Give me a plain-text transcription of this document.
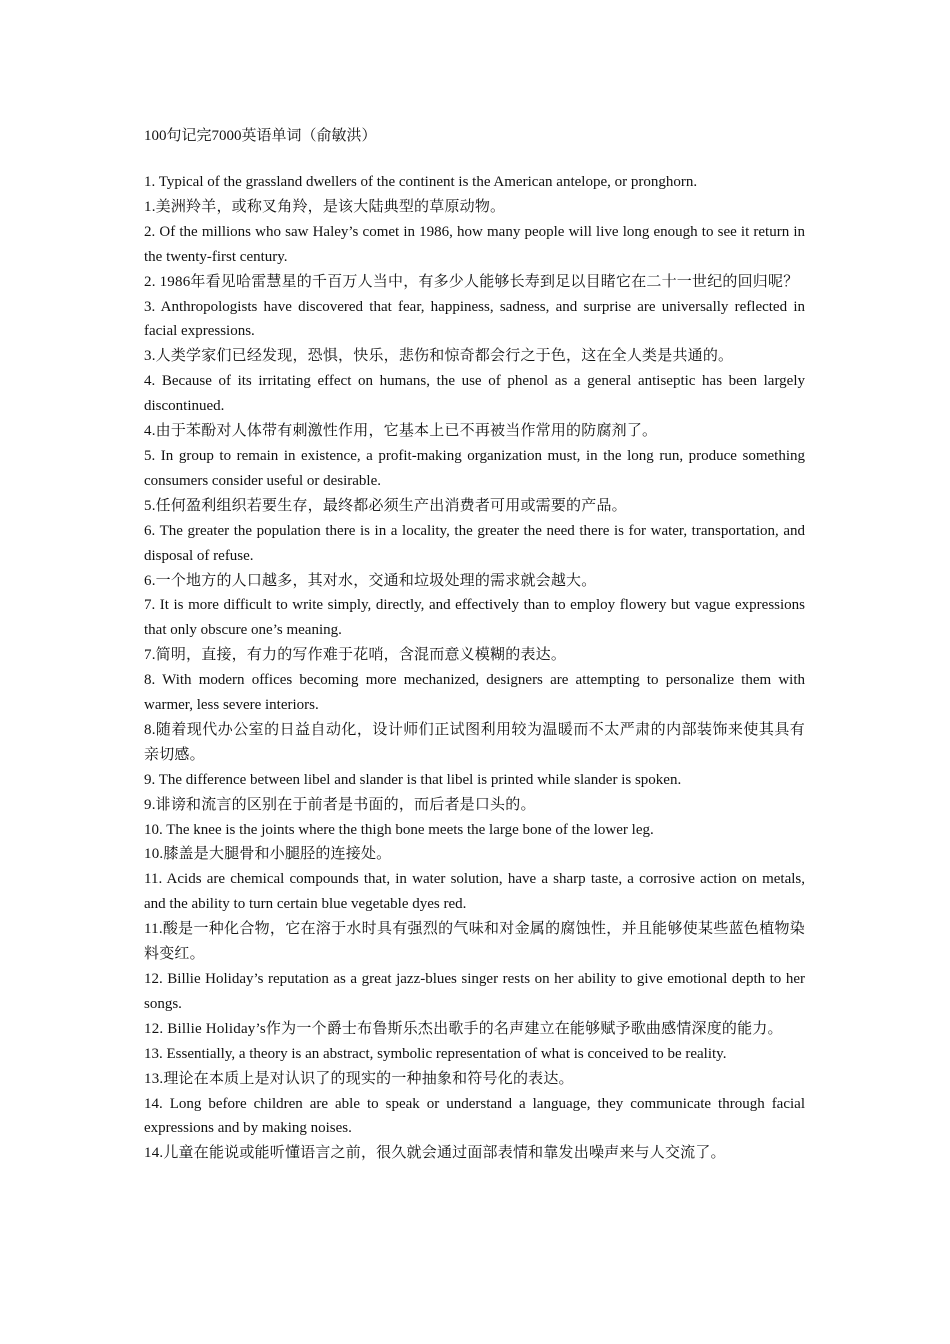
100句记完7000英语单词（俞敏洪）

1. Typical of the grassland dwellers of the continent is the American antelope, or pronghorn.

1.美洲羚羊，或称叉角羚，是该大陆典型的草原动物。

2. Of the millions who saw Haley’s comet in 1986, how many people will live long enough to see it return in the twenty-first century.

2. 1986年看见哈雷慧星的千百万人当中，有多少人能够长寿到足以目睹它在二十一世纪的回归呢？

3. Anthropologists have discovered that fear, happiness, sadness, and surprise are universally reflected in facial expressions.

3.人类学家们已经发现，恐惧，快乐，悲伤和惊奇都会行之于色，这在全人类是共通的。

4. Because of its irritating effect on humans, the use of phenol as a general antiseptic has been largely discontinued.

4.由于苯酚对人体带有刺激性作用，它基本上已不再被当作常用的防腐剂了。

5. In group to remain in existence, a profit-making organization must, in the long run, produce something consumers consider useful or desirable.

5.任何盈利组织若要生存，最终都必须生产出消费者可用或需要的产品。

6. The greater the population there is in a locality, the greater the need there is for water, transportation, and disposal of refuse.

6.一个地方的人口越多，其对水，交通和垃圾处理的需求就会越大。

7. It is more difficult to write simply, directly, and effectively than to employ flowery but vague expressions that only obscure one’s meaning.

7.简明，直接，有力的写作难于花哨，含混而意义模糊的表达。

8. With modern offices becoming more mechanized, designers are attempting to personalize them with warmer, less severe interiors.

8.随着现代办公室的日益自动化，设计师们正试图利用较为温暖而不太严肃的内部装饰来使其具有亲切感。

9. The difference between libel and slander is that libel is printed while slander is spoken.

9.诽谤和流言的区别在于前者是书面的，而后者是口头的。

10. The knee is the joints where the thigh bone meets the large bone of the lower leg.

10.膝盖是大腿骨和小腿胫的连接处。

11. Acids are chemical compounds that, in water solution, have a sharp taste, a corrosive action on metals, and the ability to turn certain blue vegetable dyes red.

11.酸是一种化合物，它在溶于水时具有强烈的气味和对金属的腐蚀性，并且能够使某些蓝色植物染料变红。

12. Billie Holiday’s reputation as a great jazz-blues singer rests on her ability to give emotional depth to her songs.

12. Billie Holiday’s作为一个爵士布鲁斯乐杰出歌手的名声建立在能够赋予歌曲感情深度的能力。

13. Essentially, a theory is an abstract, symbolic representation of what is conceived to be reality.

13.理论在本质上是对认识了的现实的一种抽象和符号化的表达。

14. Long before children are able to speak or understand a language, they communicate through facial expressions and by making noises.

14.儿童在能说或能听懂语言之前，很久就会通过面部表情和靠发出噪声来与人交流了。
